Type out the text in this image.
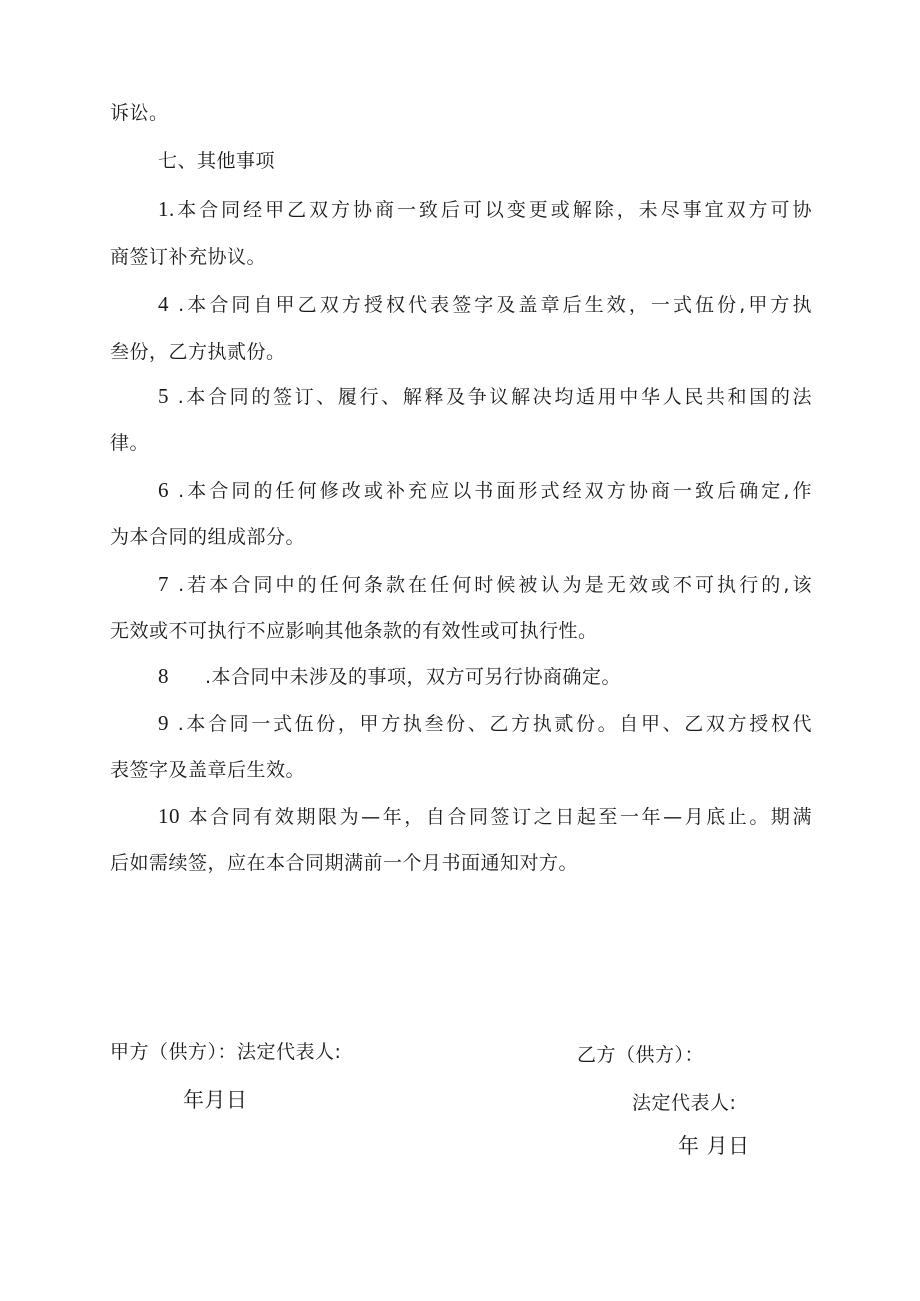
诉讼。
七、其他事项
1.本合同经甲乙双方协商一致后可以变更或解除，未尽事宜双方可协
商签订补充协议。
4 .本合同自甲乙双方授权代表签字及盖章后生效，一式伍份,甲方执
叁份，乙方执贰份。
5 .本合同的签订、履行、解释及争议解决均适用中华人民共和国的法
律。
6 .本合同的任何修改或补充应以书面形式经双方协商一致后确定,作
为本合同的组成部分。
7 .若本合同中的任何条款在任何时候被认为是无效或不可执行的,该
无效或不可执行不应影响其他条款的有效性或可执行性。
8 .本合同中未涉及的事项，双方可另行协商确定。
9 .本合同一式伍份，甲方执叁份、乙方执贰份。自甲、乙双方授权代
表签字及盖章后生效。
10 本合同有效期限为—年，自合同签订之日起至一年—月底止。期满
后如需续签，应在本合同期满前一个月书面通知对方。
甲方（供方）：法定代表人:
年月日
乙方（供方）：
法定代表人:
年 月日
